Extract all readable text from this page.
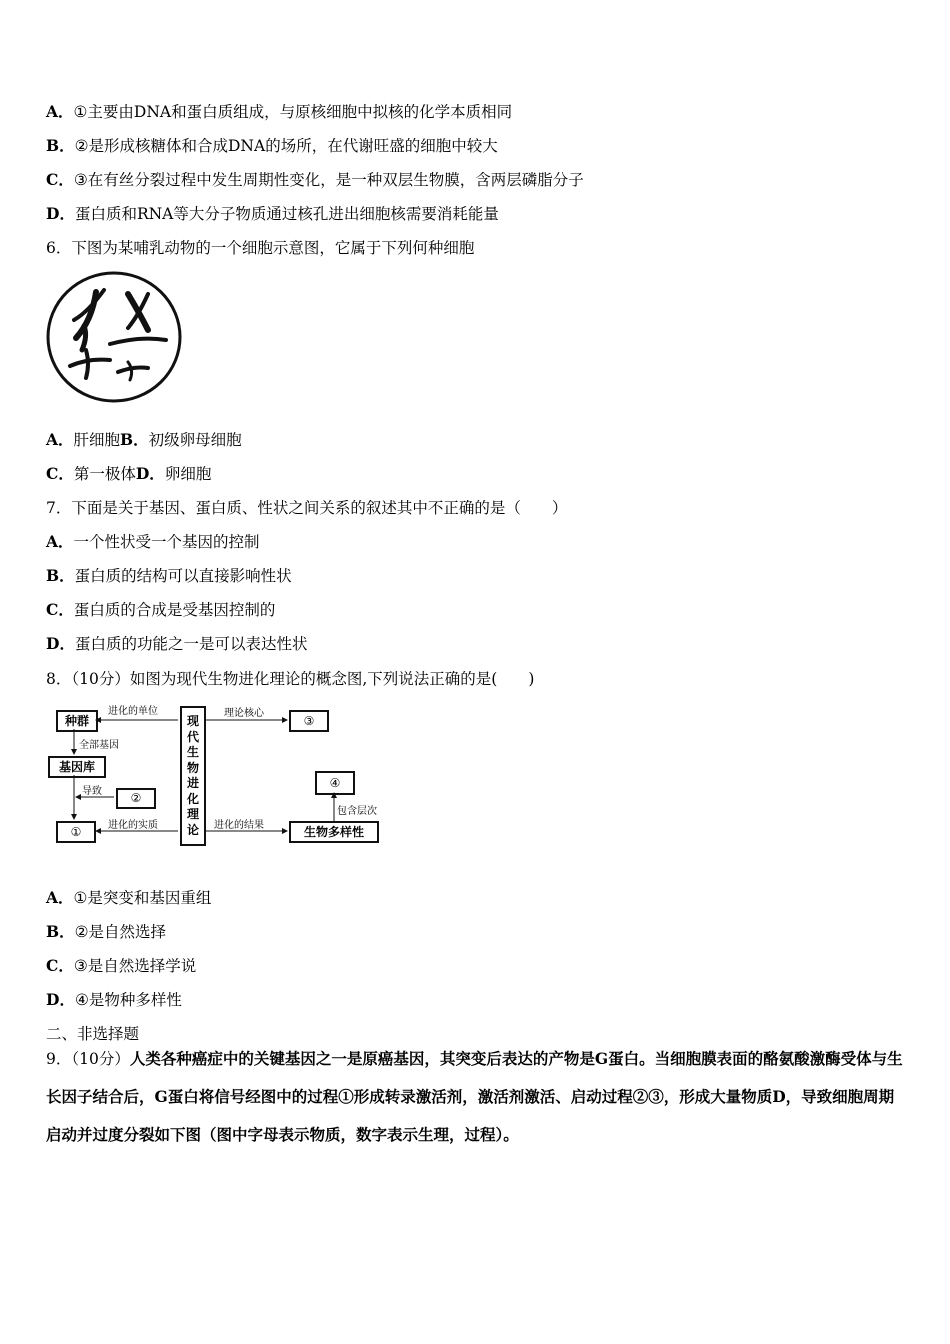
A．①主要由DNA和蛋白质组成，与原核细胞中拟核的化学本质相同
B．②是形成核糖体和合成DNA的场所，在代谢旺盛的细胞中较大
C．③在有丝分裂过程中发生周期性变化，是一种双层生物膜，含两层磷脂分子
D．蛋白质和RNA等大分子物质通过核孔进出细胞核需要消耗能量
6．下图为某哺乳动物的一个细胞示意图，它属于下列何种细胞
A．肝细胞B．初级卵母细胞
C．第一极体D．卵细胞
7．下面是关于基因、蛋白质、性状之间关系的叙述其中不正确的是（　　）
A．一个性状受一个基因的控制
B．蛋白质的结构可以直接影响性状
C．蛋白质的合成是受基因控制的
D．蛋白质的功能之一是可以表达性状
8．（10分）如图为现代生物进化理论的概念图,下列说法正确的是(　　)
种群
进化的单位
全部基因
基因库
导致	②
①	进化的实质
现
代
生
物
进
化
理
论
理论核心
③
④
包含层次
进化的结果	生物多样性
A．①是突变和基因重组
B．②是自然选择
C．③是自然选择学说
D．④是物种多样性
二、非选择题
9．（10分）人类各种癌症中的关键基因之一是原癌基因，其突变后表达的产物是G蛋白。当细胞膜表面的酪氨酸激酶受体与生长因子结合后，G蛋白将信号经图中的过程①形成转录激活剂，激活剂激活、启动过程②③，形成大量物质D，导致细胞周期启动并过度分裂如下图（图中字母表示物质，数字表示生理，过程）。
